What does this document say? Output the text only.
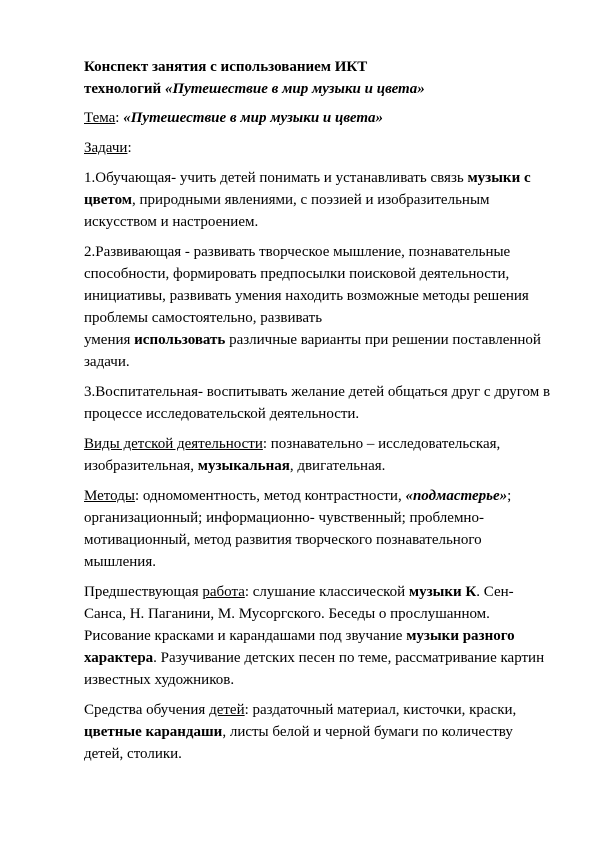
Конспект занятия с использованием ИКТ
технологий «Путешествие в мир музыки и цвета»

Тема: «Путешествие в мир музыки и цвета»

Задачи:

1.Обучающая- учить детей понимать и устанавливать связь музыки с цветом, природными явлениями, с поэзией и изобразительным искусством и настроением.

2.Развивающая - развивать творческое мышление, познавательные способности, формировать предпосылки поисковой деятельности, инициативы, развивать умения находить возможные методы решения проблемы самостоятельно, развивать
умения использовать различные варианты при решении поставленной задачи.

3.Воспитательная- воспитывать желание детей общаться друг с другом в процессе исследовательской деятельности.

Виды детской деятельности: познавательно – исследовательская, изобразительная, музыкальная, двигательная.

Методы: одномоментность, метод контрастности, «подмастерье»; организационный; информационно- чувственный; проблемно-мотивационный, метод развития творческого познавательного мышления.

Предшествующая работа: слушание классической музыки К. Сен-Санса, Н. Паганини, М. Мусоргского. Беседы о прослушанном. Рисование красками и карандашами под звучание музыки разного характера. Разучивание детских песен по теме, рассматривание картин известных художников.

Средства обучения детей: раздаточный материал, кисточки, краски, цветные карандаши, листы белой и черной бумаги по количеству детей, столики.
